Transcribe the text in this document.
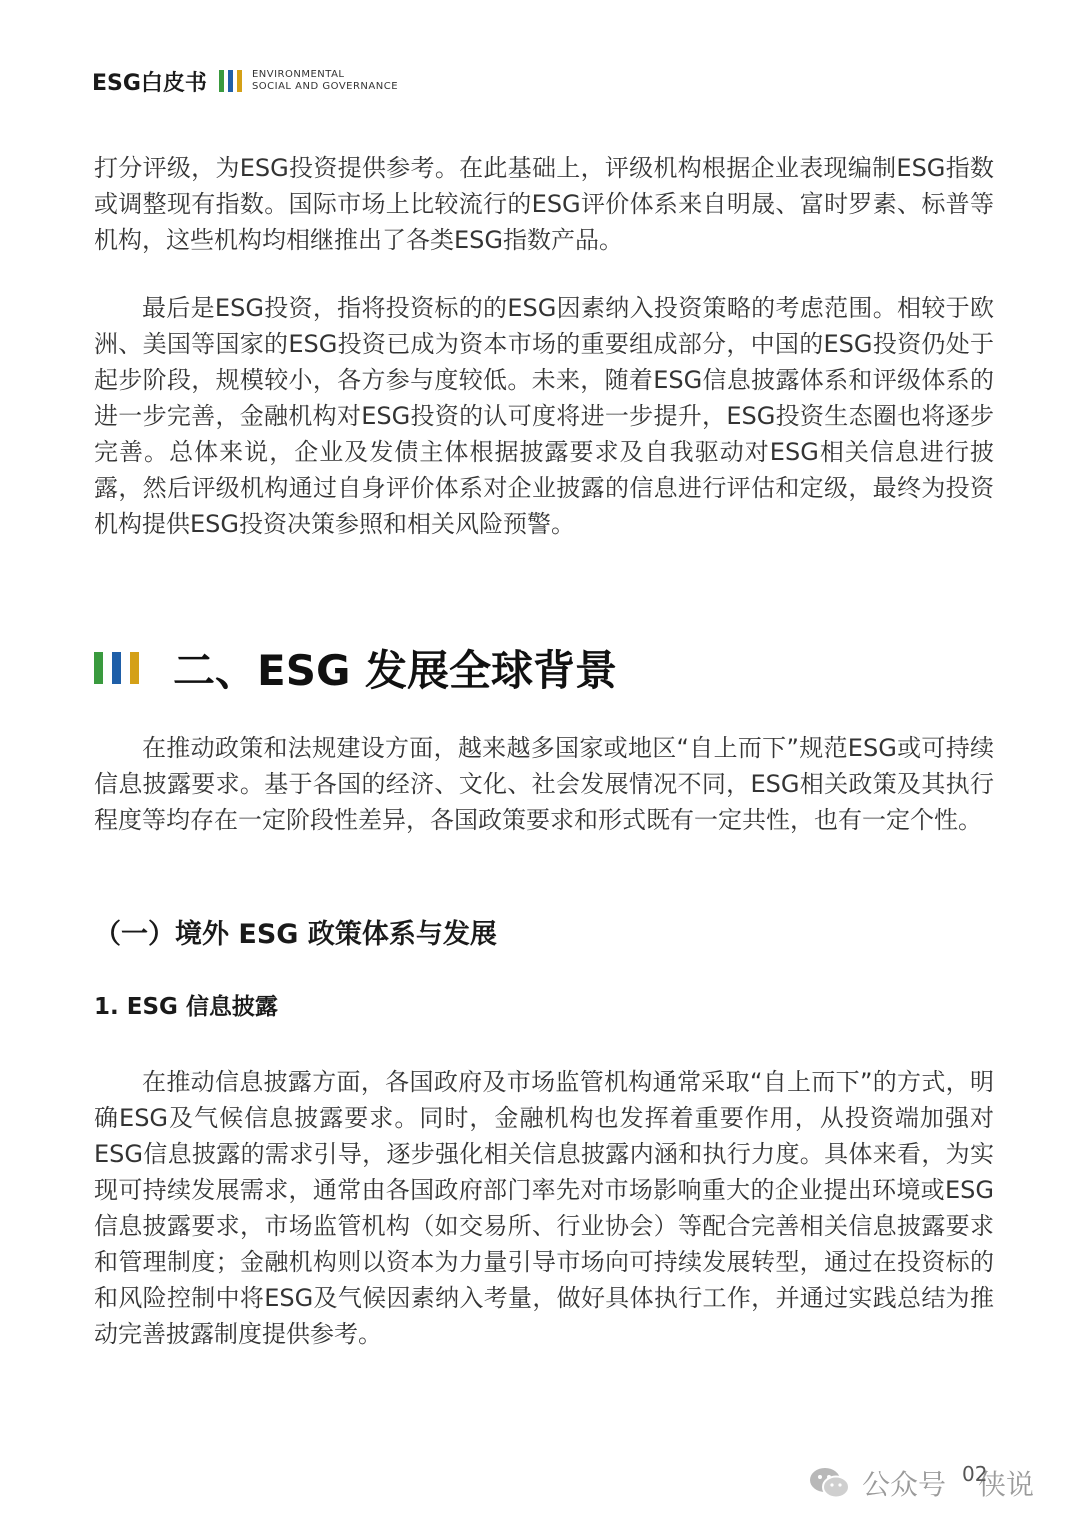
ESG白皮书	ENVIRONMENTAL
SOCIAL AND GOVERNANCE

打分评级，为ESG投资提供参考。在此基础上，评级机构根据企业表现编制ESG指数或调整现有指数。国际市场上比较流行的ESG评价体系来自明晟、富时罗素、标普等机构，这些机构均相继推出了各类ESG指数产品。

最后是ESG投资，指将投资标的的ESG因素纳入投资策略的考虑范围。相较于欧洲、美国等国家的ESG投资已成为资本市场的重要组成部分，中国的ESG投资仍处于起步阶段，规模较小，各方参与度较低。未来，随着ESG信息披露体系和评级体系的进一步完善，金融机构对ESG投资的认可度将进一步提升，ESG投资生态圈也将逐步完善。总体来说，企业及发债主体根据披露要求及自我驱动对ESG相关信息进行披露，然后评级机构通过自身评价体系对企业披露的信息进行评估和定级，最终为投资机构提供ESG投资决策参照和相关风险预警。

二、ESG 发展全球背景

在推动政策和法规建设方面，越来越多国家或地区“自上而下”规范ESG或可持续信息披露要求。基于各国的经济、文化、社会发展情况不同，ESG相关政策及其执行程度等均存在一定阶段性差异，各国政策要求和形式既有一定共性，也有一定个性。

（一）境外 ESG 政策体系与发展
1. ESG 信息披露

在推动信息披露方面，各国政府及市场监管机构通常采取“自上而下”的方式，明确ESG及气候信息披露要求。同时，金融机构也发挥着重要作用，从投资端加强对ESG信息披露的需求引导，逐步强化相关信息披露内涵和执行力度。具体来看，为实现可持续发展需求，通常由各国政府部门率先对市场影响重大的企业提出环境或ESG信息披露要求，市场监管机构（如交易所、行业协会）等配合完善相关信息披露要求和管理制度；金融机构则以资本为力量引导市场向可持续发展转型，通过在投资标的和风险控制中将ESG及气候因素纳入考量，做好具体执行工作，并通过实践总结为推动完善披露制度提供参考。

公众号 侠说
02
